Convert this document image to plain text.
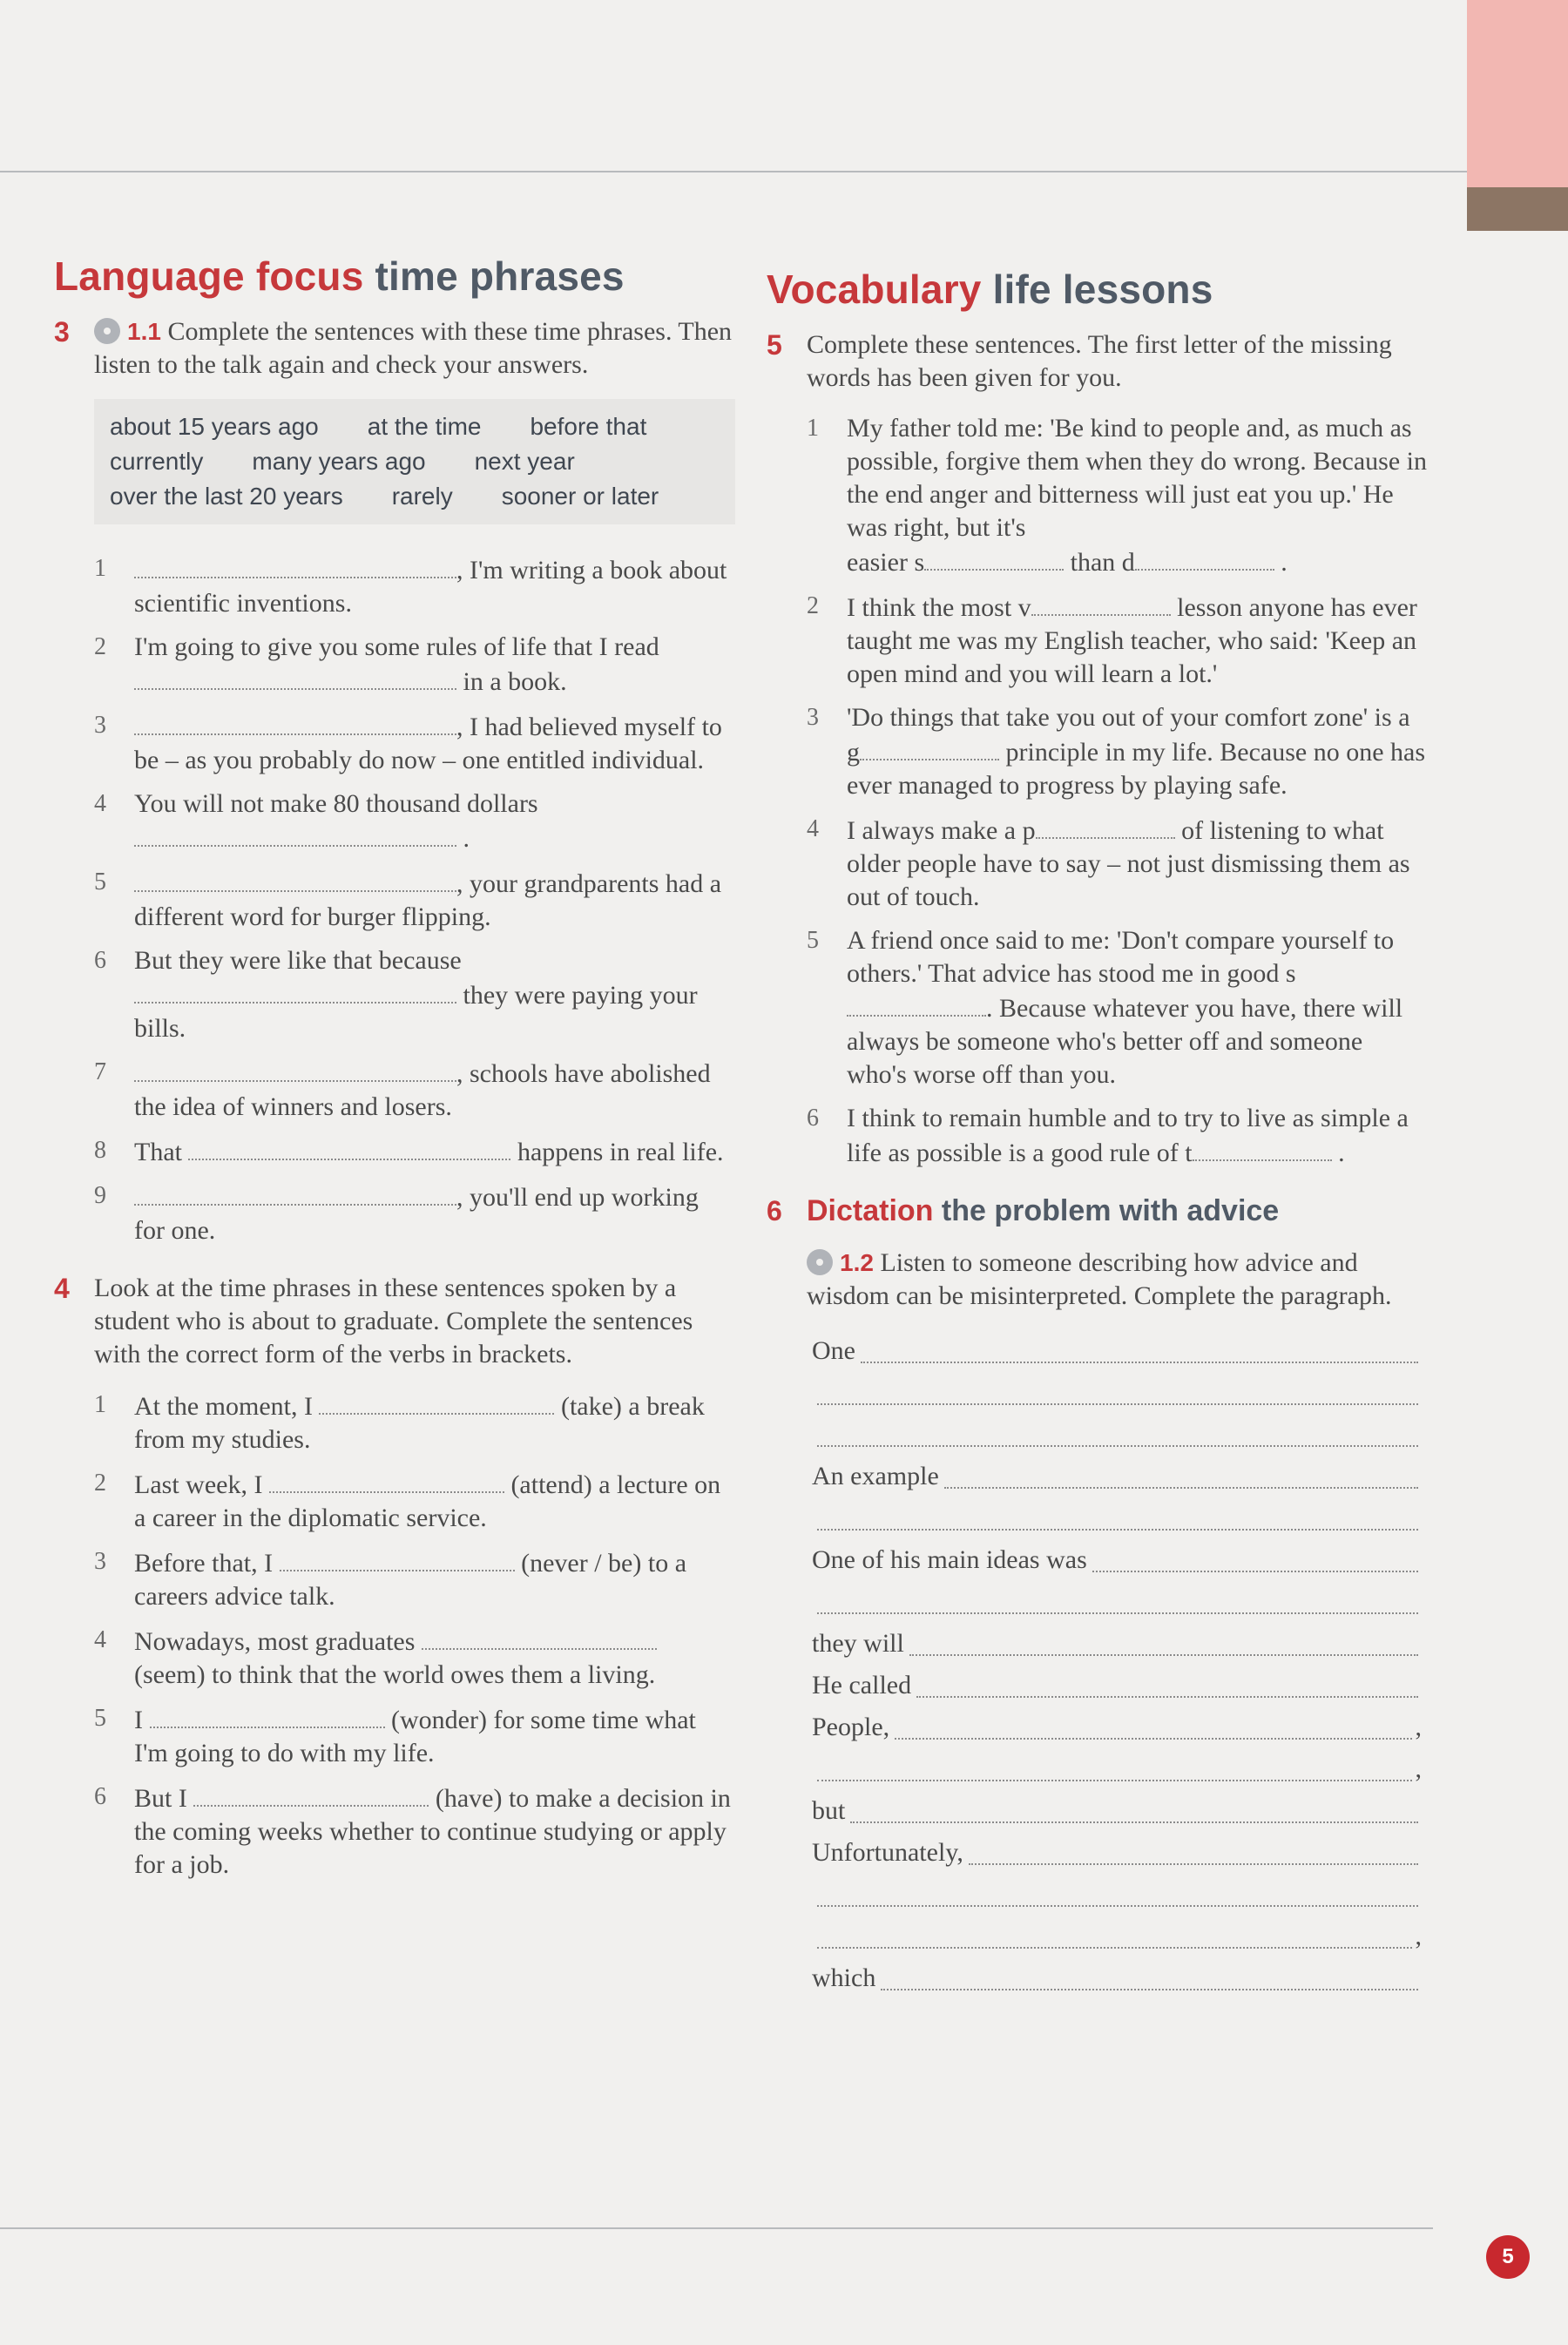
Language focus time phrases
3 1.1 Complete the sentences with these time phrases. Then listen to the talk again and check your answers.
about 15 years ago at the time before that
currently many years ago next year
over the last 20 years rarely sooner or later
1	, I'm writing a book about scientific inventions.
2 I'm going to give you some rules of life that I read  in a book.
3	, I had believed myself to be – as you probably do now – one entitled individual.
4 You will not make 80 thousand dollars
.
5	, your grandparents had a different word for burger flipping.
6 But they were like that because
they were paying your bills.
7	, schools have abolished the idea of winners and losers.
8 That	happens in real life.
9	, you'll end up working for one.
4 Look at the time phrases in these sentences spoken by a student who is about to graduate. Complete the sentences with the correct form of the verbs in brackets.
1 At the moment, I	(take) a break from my studies.
2 Last week, I	(attend) a lecture on a career in the diplomatic service.
3 Before that, I	(never / be) to a careers advice talk.
4 Nowadays, most graduates  (seem) to think that the world owes them a living.
5 I	(wonder) for some time what I'm going to do with my life.
6 But I	(have) to make a decision in the coming weeks whether to continue studying or apply for a job.
Vocabulary life lessons
5 Complete these sentences. The first letter of the missing words has been given for you.
1 My father told me: 'Be kind to people and, as much as possible, forgive them when they do wrong. Because in the end anger and bitterness will just eat you up.' He was right, but it's
easier s	than d	.
2 I think the most v	lesson anyone has ever taught me was my English teacher, who said: 'Keep an open mind and you will learn a lot.'
3 'Do things that take you out of your comfort zone' is a g	principle in my life. Because no one has ever managed to progress by playing safe.
4 I always make a p	of listening to what older people have to say – not just dismissing them as out of touch.
5 A friend once said to me: 'Don't compare yourself to others.' That advice has stood me in good s. Because whatever you have, there will always be someone who's better off and someone who's worse off than you.
6 I think to remain humble and to try to live as simple a life as possible is a good rule of t	.
6 Dictation the problem with advice
1.2 Listen to someone describing how advice and wisdom can be misinterpreted. Complete the paragraph.
One
An example
One of his main ideas was
they will
He called
People,	,
,
but
Unfortunately,
,
which
5
